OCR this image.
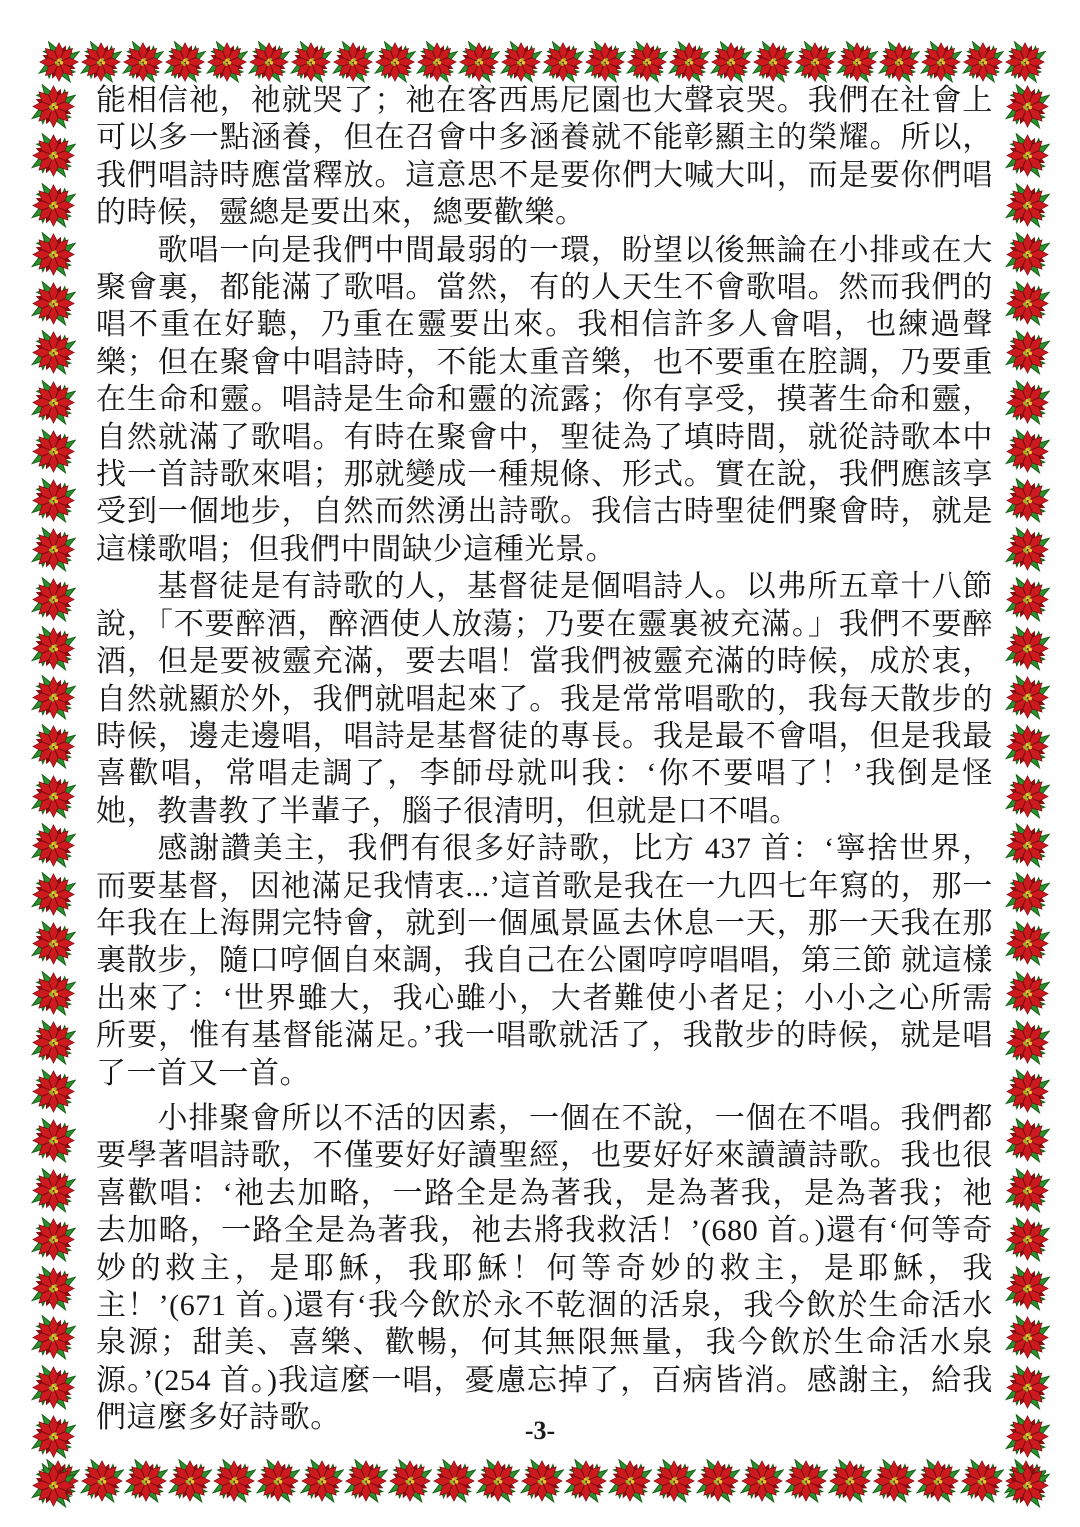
能相信祂，祂就哭了；祂在客西馬尼園也大聲哀哭。我們在社會上可以多一點涵養，但在召會中多涵養就不能彰顯主的榮耀。所以，我們唱詩時應當釋放。這意思不是要你們大喊大叫，而是要你們唱的時候，靈總是要出來，總要歡樂。

歌唱一向是我們中間最弱的一環，盼望以後無論在小排或在大聚會裏，都能滿了歌唱。當然，有的人天生不會歌唱。然而我們的唱不重在好聽，乃重在靈要出來。我相信許多人會唱，也練過聲樂；但在聚會中唱詩時，不能太重音樂，也不要重在腔調，乃要重在生命和靈。唱詩是生命和靈的流露；你有享受，摸著生命和靈，自然就滿了歌唱。有時在聚會中，聖徒為了填時間，就從詩歌本中找一首詩歌來唱；那就變成一種規條、形式。實在說，我們應該享受到一個地步，自然而然湧出詩歌。我信古時聖徒們聚會時，就是這樣歌唱；但我們中間缺少這種光景。

基督徒是有詩歌的人，基督徒是個唱詩人。以弗所五章十八節說，「不要醉酒，醉酒使人放蕩；乃要在靈裏被充滿。」我們不要醉酒，但是要被靈充滿，要去唱！當我們被靈充滿的時候，成於衷，自然就顯於外，我們就唱起來了。我是常常唱歌的，我每天散步的時候，邊走邊唱，唱詩是基督徒的專長。我是最不會唱，但是我最喜歡唱，常唱走調了，李師母就叫我：‘你不要唱了！’我倒是怪她，教書教了半輩子，腦子很清明，但就是口不唱。

感謝讚美主，我們有很多好詩歌，比方 437 首：‘寧捨世界，而要基督，因祂滿足我情衷...’這首歌是我在一九四七年寫的，那一年我在上海開完特會，就到一個風景區去休息一天，那一天我在那裏散步，隨口哼個自來調，我自己在公園哼哼唱唱，第三節 就這樣出來了：‘世界雖大，我心雖小，大者難使小者足；小小之心所需所要，惟有基督能滿足。’我一唱歌就活了，我散步的時候，就是唱了一首又一首。

小排聚會所以不活的因素，一個在不說，一個在不唱。我們都要學著唱詩歌，不僅要好好讀聖經，也要好好來讀讀詩歌。我也很喜歡唱：‘祂去加略，一路全是為著我，是為著我，是為著我；祂去加略，一路全是為著我，祂去將我救活！’(680 首。)還有‘何等奇妙的救主，是耶穌，我耶穌！何等奇妙的救主，是耶穌，我主！’(671 首。)還有‘我今飲於永不乾涸的活泉，我今飲於生命活水泉源；甜美、喜樂、歡暢，何其無限無量，我今飲於生命活水泉源。’(254 首。)我這麼一唱，憂慮忘掉了，百病皆消。感謝主，給我們這麼多好詩歌。	-3-
